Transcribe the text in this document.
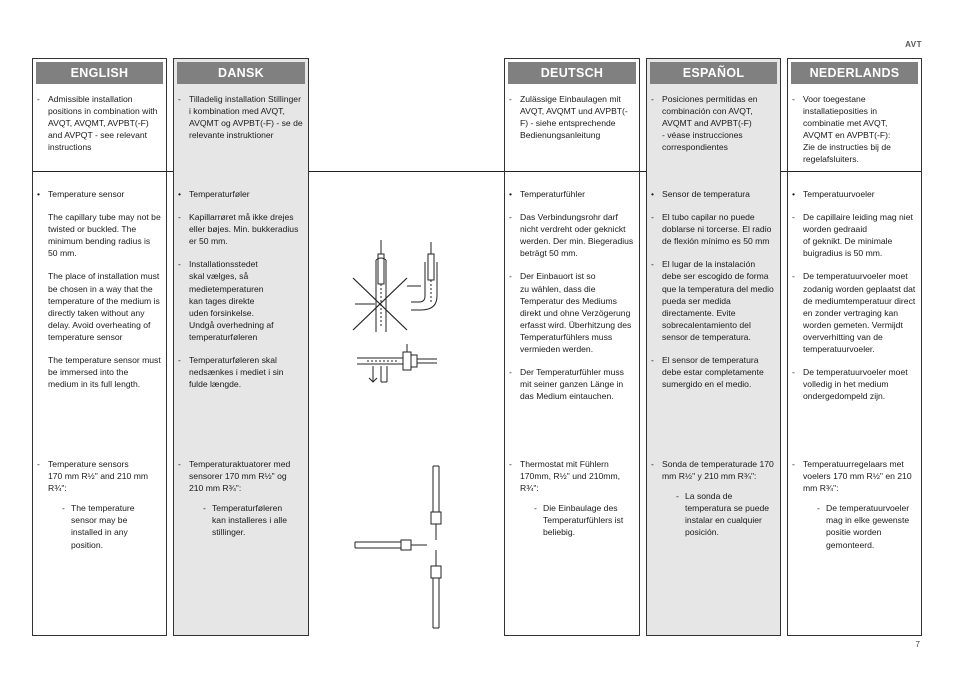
AVT
ENGLISH
- Admissible installation positions in combination with AVQT, AVQMT, AVPBT(-F) and AVPQT - see relevant instructions
• Temperature sensor
The capillary tube may not be twisted or buckled. The minimum bending radius is 50 mm.
The place of installation must be chosen in a way that the temperature of the medium is directly taken without any delay. Avoid overheating of temperature sensor
The temperature sensor must be immersed into the medium in its full length.
- Temperature sensors
170 mm R½" and 210 mm R¾":
- The temperature sensor may be installed in any position.
DANSK
- Tilladelig installation Stillinger i kombination med AVQT, AVQMT og AVPBT(-F) - se de relevante instruktioner
• Temperaturføler
- Kapillarrøret må ikke drejes eller bøjes. Min. bukkeradius er 50 mm.
- Installationsstedet
skal vælges, så
medietemperaturen
kan tages direkte
uden forsinkelse.
Undgå overhedning af temperaturføleren
- Temperaturføleren skal nedsænkes i mediet i sin fulde længde.
- Temperaturaktuatorer med sensorer 170 mm R½" og 210 mm R¾":
- Temperaturføleren kan installeres i alle stillinger.
DEUTSCH
- Zulässige Einbaulagen mit AVQT, AVQMT und AVPBT(-F) - siehe entsprechende Bedienungsanleitung
• Temperaturfühler
- Das Verbindungsrohr darf nicht verdreht oder geknickt werden. Der min. Biegeradius beträgt 50 mm.
- Der Einbauort ist so
zu wählen, dass die Temperatur des Mediums direkt und ohne Verzögerung erfasst wird. Überhitzung des Temperaturfühlers muss vermieden werden.
- Der Temperaturfühler muss mit seiner ganzen Länge in das Medium eintauchen.
- Thermostat mit Fühlern 170mm, R½" und 210mm, R¾":
- Die Einbaulage des Temperaturfühlers ist beliebig.
ESPAÑOL
- Posiciones permitidas en combinación con AVQT,
AVQMT and AVPBT(-F)
- véase instrucciones correspondientes
• Sensor de temperatura
- El tubo capilar no puede doblarse ni torcerse. El radio de flexión mínimo es 50 mm
- El lugar de la instalación debe ser escogido de forma que la temperatura del medio pueda ser medida directamente. Evite sobrecalentamiento del sensor de temperatura.
- El sensor de temperatura debe estar completamente sumergido en el medio.
- Sonda de temperaturade 170 mm R½" y 210 mm R¾":
- La sonda de temperatura se puede instalar en cualquier posición.
NEDERLANDS
- Voor toegestane installatieposities in combinatie met AVQT,
AVQMT en AVPBT(-F):
Zie de instructies bij de regelafsluiters.
• Temperatuurvoeler
- De capillaire leiding mag niet worden gedraaid
of geknikt. De minimale buigradius is 50 mm.
- De temperatuurvoeler moet zodanig worden geplaatst dat de mediumtemperatuur direct en zonder vertraging kan worden gemeten. Vermijdt oververhitting van de temperatuurvoeler.
- De temperatuurvoeler moet volledig in het medium ondergedompeld zijn.
- Temperatuurregelaars met voelers 170 mm R½" en 210 mm R¾":
- De temperatuurvoeler mag in elke gewenste positie worden gemonteerd.
7
